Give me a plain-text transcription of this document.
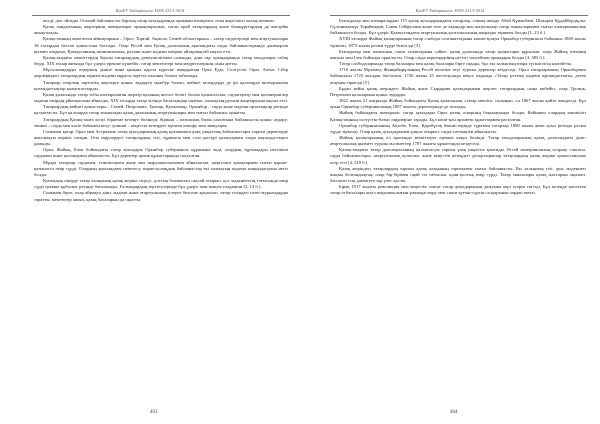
ҚазҰУ Хабаршысы. ISSN 2313-3014

келді: деп ойлады. Осылай байланысты барлық татар ауылдарында орнынан көшіріліп, оған жергілікті халық көшкен.

Қазақ хандығының жерлерінің шекаралары орнықтырылып, соған орай татарлардың және башқұрттардың да жағдайы анықталады.

Қазақстанның жекелеген аймақтарына – Орал, Торғай, Ақмола, Семей облыстарына – татар саудагерлері мен ағартушылары 18 ғасырдан бастап қоныстана бастады. Олар Ресей мен Қазақ даласының арасындағы сауда байланыстарында дәнекерлік қызмет атқарып, Қазақстанның экономикалық, рухани және мәдени өміріне айтарлықтай ықпал етті.

Қазақстандағы мешіттердің біразы татарлардың демеушілігімен салынды, діни оқу орындарында татар молдалары сабақ берді. XIX ғасыр аяғында бұл үдеріс ерекше күшейіп, татар мектептері мен медреселерінің саны артты.

Мұсылмандарды өздерінің дініне және қанына қарсы күреске шақыратын Орта Еділ, Солтүстік Орал, Батыс Сібір жерлеріндегі татарлардың тарихи-мәдени мұрасы зерттеу нысаны болып табылады.

Татарлар отарлық тәртіптің жерлерге қоныс аударуға мәжбүр болып, кейінгі кезеңдерде де ірі қалаларда шоғырланған қоғамдастықтар қалыптастырды.

Қазақ қаласында татар тобы шоғырланған жерлер қаланың негізгі бөлігі болып қалыптасып, саудагерлер мен қолөнершілер мәдени өмірдің ұйытқысына айналды. XIX ғасырда татар тілінде басылымдар шығып, халықтың рухани жаңғыруына ықпал етті.

Татарлардың кейінгі қоныстары – Семей, Петропавл, Троицк, Қызылжар, Орынбор – сауда және мәдени орталықтар ретінде қалыптасты. Бұл қалаларда татар зиялылары қазақ даласының ағартушылары мен тығыз байланыс орнатты.

Татарлардың Қазақстанға келуі бірнеше кезеңге бөлінеді: бірінші – патшалық билік саясатына байланысты қоныс аудару; екінші – сауда мен кәсіп бабымен келу; үшінші – кеңестік кезеңдегі күштеп көшіру мен эвакуация.

Сонымен қатар, Орал мен Астрахань татар ауылдарының қазақ қоғамымен ұзақ уақыттық байланыстары тарихи деректерде жан-жақты көрініс тапқан. Осы өңірлердегі татарлардың тілі, тұрмысы мен салт-дәстүрі қазақтармен өзара ықпалдастықта дамыды.

Орал, Жайық, Елек бойындағы татар ауылдары Орынбор губерниясы құрамына енді, олардың тұрғындары негізінен саудамен және қолөнермен айналысты. Бұл деректер архив құжаттарында сақталған.

Мұнда татарлар саудамен, егіншілікпен және мал шаруашылығымен айналысып, жергілікті қазақтармен тығыз қарым-қатынаста өмір сүрді. Олардың арасындағы некелесу, көрші-қолаңдық байланыстар екі халықтың мәдени жақындасуына негіз болды.

Қоғамдық пікірде татар халқының қазақ жеріне сіңісуі, ұлттық болмысын сақтай отырып, қос мәдениеттің тоғысында өмір сүруі ерекше құбылыс ретінде бағаланады. Ғалымдардың зерттеулерінде бұл үдеріс жан-жақты талданған [2, 13 б.].

Сонымен бірге, олар аймақта діни, мәдени және ағартушылық істерге белсене араласып, татар тіліндегі газет-журналдарды таратты, мектептер ашып, қазақ балаларын да оқытты.

403
ҚазҰУ Хабаршысы. ISSN 2313-3014

Бекзадалар мен шекаралардан 115 қазақ ауылдарындағы татарлар, соның ішінде Абай Құнанбаев, Шәкәрім Құдайбердіұлы, Сұлтанмахмұт Торайғыров, Сәкен Сейфуллин және өзге де ақындар мен жазушылар татар зиялыларымен тығыз шығармашылық байланыста болды. Бұл үдеріс Қазақстандағы ағартушылық қозғалысының маңызды тармағы болды [1, 23 б.].

XVIII ғасырда Жайық қазақтарының татар слобода салтанаттарына көшіп-қонуы Орынбор губерниясы бойынша 1869 жылы тіркеліп, 1873 жылы ресми түрде бекітілді [3].

Бекзадалар мен патшалық саяси талаптарына сәйкес қазақ даласында татар қоныстары құрылып, олар Жайық өзенінің жағасы мен Ілек бойында орналасты. Олар сауда керуендерінің негізгі тоқтайтын орындары болды [4, 383 б.].

Татар слободаларында татар балалары мен қазақ балалары бірге оқыды, бұл екі халықтың өзара түсіністігін нығайтты.

1716 жылы Мұхамед Жанқайырұлының Ресей иелігіне өтуі туралы деректер кездеседі. Орал татарларының Орынбормен байланысы 1723 жылдан басталып, 1726 жылы 25 желтоқсанда кеңсе алдында «Татар ұлттық мәдени қауымдастығы» деген атаумен тіркелді [5].

Бұдан кейін қазақ жеріндегі Жайық және Сырдария қазақтарымен жерлес татарлардың саны көбейіп, олар Троицк, Петропавл қалаларына қоныс аударды.

1821 жылы 21 наурызда Жайық бойындағы Қазақ қаласының «татар мешіті» салынып, ол 1867 жылы қайта жөнделді. Бұл орын Орынбор губерниясының 1807 жылғы деректерінде де аталады.

Жайық бойындағы шекаралас татар ауылдары Орал қазақ әскерінің бақылауында болды. Кейіннен олардың көпшілігі Қазақстанның солтүстік-батыс өңірлеріне тарады. Бұл көші-қон архивтік құжаттармен расталған.

Орынбор губерниясының Ақтөбе, Елек, Қарабұтақ бекіністерінде тұратын татарлар 1890 жылы жеке ауыл ретінде ресми түрде тіркелді. Олар қазақ ауылдарымен қоңсы отырып, сауда-саттықпен айналысты.

Жайық қазақтарының ел арасында мешіттерге ерекше көңіл бөлінді. Татар молдаларының қазақ даласындағы діни-ағартушылық қызметі туралы мәліметтер 1787 жылғы құжаттарда кездеседі.

Қазақстандағы татар диаспорасының қалыптасуы тарихи ұзақ уақытты қамтиды. Ресей империясының отарлау саясаты, сауда байланыстары, ағартушылық қозғалыс және кеңестік кезеңдегі депортациялар татарлардың қазақ жеріне қоныстануына әсер етті [4, 518 б.].

Қазақ жеріндегі татарлардың тарихы қазақ халқының тарихымен тығыз байланысты. Екі халықтың тілі, діні, мәдениеті жақын болғандықтан, олар бір-бірімен оңай тіл табысып, қоян-қолтық өмір сүрді. Татар зиялылары қазақ жастарын оқытып, баспасөз ісін дамытуға зор үлес қосты.

Бірақ 1917 жылғы революция мен кеңестік саясат татар ауылдарының дамуына кері әсерін тигізді. Бұл кезеңде көптеген татар отбасылары ауыл шаруашылығын ұжымдастыру мен саяси қуғын-сүргін салдарынан зардап шекті.

404
